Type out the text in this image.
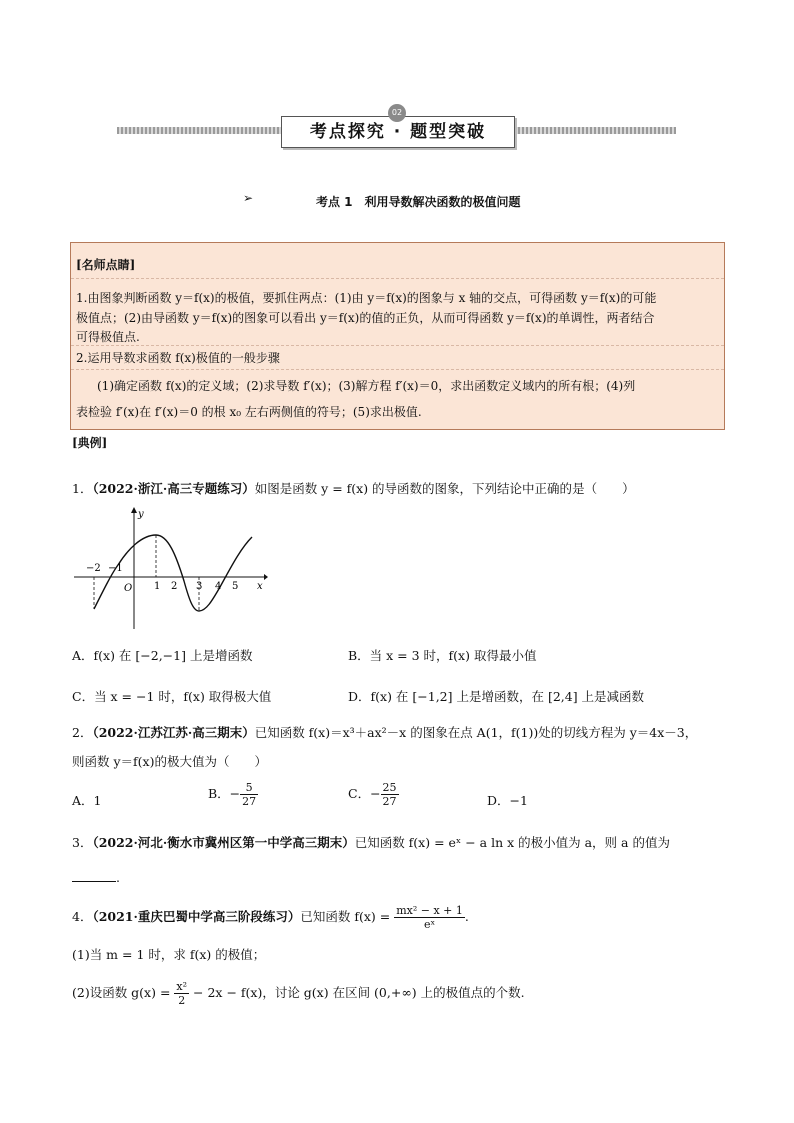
考点探究 · 题型突破
02
➢	考点 1　利用导数解决函数的极值问题
[名师点睛]
1.由图象判断函数 y＝f(x)的极值，要抓住两点：(1)由 y＝f(x)的图象与 x 轴的交点，可得函数 y＝f(x)的可能
极值点；(2)由导函数 y＝f(x)的图象可以看出 y＝f(x)的值的正负，从而可得函数 y＝f(x)的单调性，两者结合
可得极值点.
2.运用导数求函数 f(x)极值的一般步骤
(1)确定函数 f(x)的定义域；(2)求导数 f′(x)；(3)解方程 f′(x)＝0，求出函数定义域内的所有根；(4)列
表检验 f′(x)在 f′(x)＝0 的根 x₀ 左右两侧值的符号；(5)求出极值.
[典例]
1．（2022·浙江·高三专题练习）如图是函数 y = f(x) 的导函数的图象，下列结论中正确的是（　　）
y
x
O
−2 −1
1 2 3 4 5
A．f(x) 在 [−2,−1] 上是增函数	B．当 x = 3 时，f(x) 取得最小值
C．当 x = −1 时，f(x) 取得极大值	D．f(x) 在 [−1,2] 上是增函数，在 [2,4] 上是减函数
2．（2022·江苏江苏·高三期末）已知函数 f(x)＝x³＋ax²－x 的图象在点 A(1，f(1))处的切线方程为 y＝4x－3，
则函数 y＝f(x)的极大值为（　　）
A．1	B．− $\frac{5}{27}$	C．− $\frac{25}{27}$	D．−1
3．（2022·河北·衡水市冀州区第一中学高三期末）已知函数 f(x) = eˣ − a ln x 的极小值为 a，则 a 的值为
.
4．（2021·重庆巴蜀中学高三阶段练习）已知函数 $f(x) = \frac{\text{mx² − x + 1}}{\text{eˣ}}$ .
(1)当 m = 1 时，求 f(x) 的极值；
(2)设函数 $g(x) = \frac{\text{x²}}{2} - 2x - f(x)$，讨论 g(x) 在区间 (0,+∞) 上的极值点的个数.
